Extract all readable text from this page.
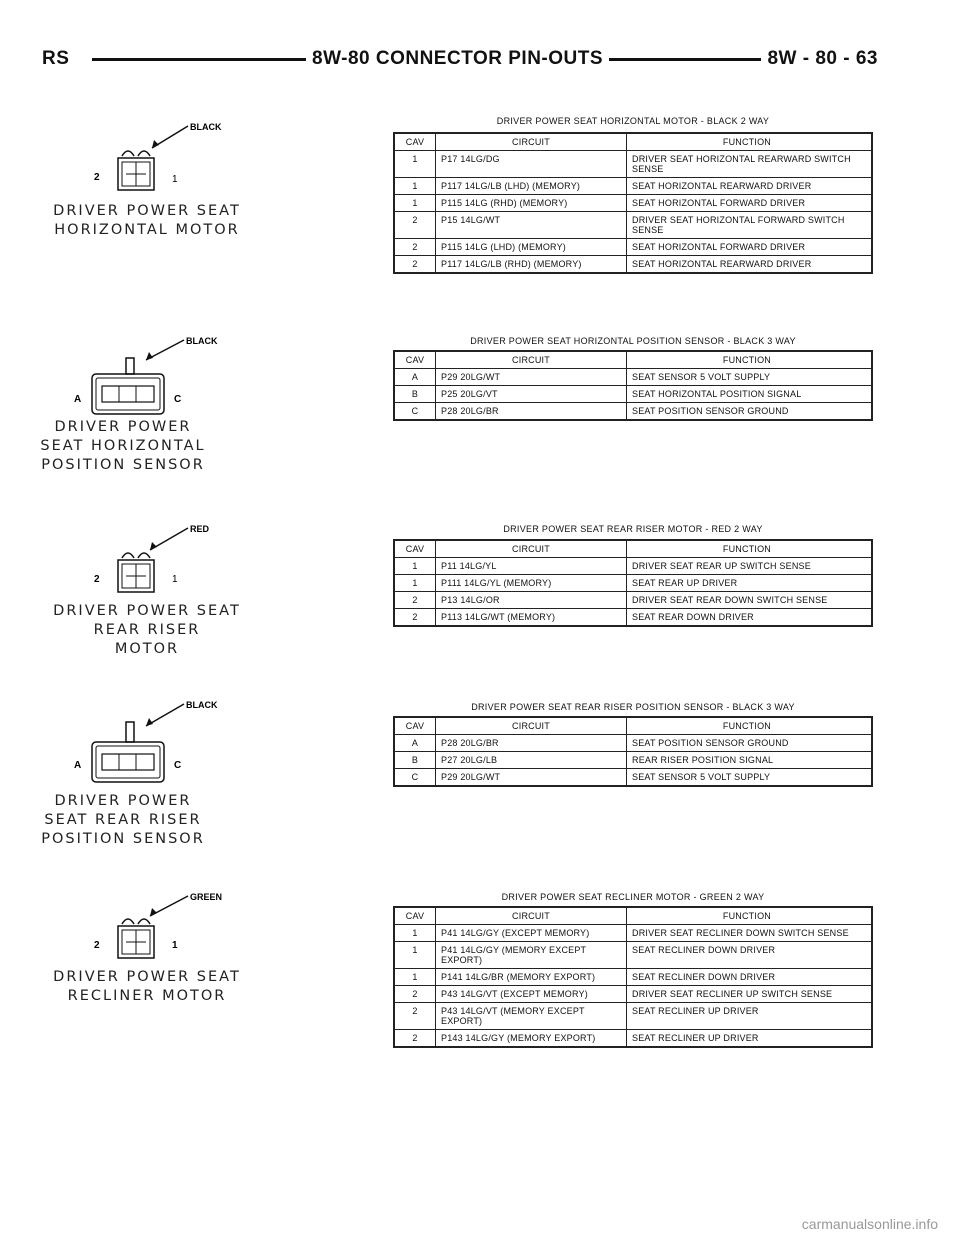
RS	8W-80 CONNECTOR PIN-OUTS	8W - 80 - 63
BLACK
2	1
DRIVER POWER SEAT
HORIZONTAL MOTOR
DRIVER POWER SEAT HORIZONTAL MOTOR - BLACK 2 WAY
CAV	CIRCUIT	FUNCTION
1	P17 14LG/DG	DRIVER SEAT HORIZONTAL REARWARD SWITCH SENSE
1	P117 14LG/LB (LHD) (MEMORY)	SEAT HORIZONTAL REARWARD DRIVER
1	P115 14LG (RHD) (MEMORY)	SEAT HORIZONTAL FORWARD DRIVER
2	P15 14LG/WT	DRIVER SEAT HORIZONTAL FORWARD SWITCH SENSE
2	P115 14LG (LHD) (MEMORY)	SEAT HORIZONTAL FORWARD DRIVER
2	P117 14LG/LB (RHD) (MEMORY)	SEAT HORIZONTAL REARWARD DRIVER
BLACK
A	C
DRIVER POWER
SEAT HORIZONTAL
POSITION SENSOR
DRIVER POWER SEAT HORIZONTAL POSITION SENSOR - BLACK 3 WAY
CAV	CIRCUIT	FUNCTION
A	P29 20LG/WT	SEAT SENSOR 5 VOLT SUPPLY
B	P25 20LG/VT	SEAT HORIZONTAL POSITION SIGNAL
C	P28 20LG/BR	SEAT POSITION SENSOR GROUND
RED
2	1
DRIVER POWER SEAT
REAR RISER
MOTOR
DRIVER POWER SEAT REAR RISER MOTOR - RED 2 WAY
CAV	CIRCUIT	FUNCTION
1	P11 14LG/YL	DRIVER SEAT REAR UP SWITCH SENSE
1	P111 14LG/YL (MEMORY)	SEAT REAR UP DRIVER
2	P13 14LG/OR	DRIVER SEAT REAR DOWN SWITCH SENSE
2	P113 14LG/WT (MEMORY)	SEAT REAR DOWN DRIVER
BLACK
A	C
DRIVER POWER
SEAT REAR RISER
POSITION SENSOR
DRIVER POWER SEAT REAR RISER POSITION SENSOR - BLACK 3 WAY
CAV	CIRCUIT	FUNCTION
A	P28 20LG/BR	SEAT POSITION SENSOR GROUND
B	P27 20LG/LB	REAR RISER POSITION SIGNAL
C	P29 20LG/WT	SEAT SENSOR 5 VOLT SUPPLY
GREEN
2	1
DRIVER POWER SEAT
RECLINER MOTOR
DRIVER POWER SEAT RECLINER MOTOR - GREEN 2 WAY
CAV	CIRCUIT	FUNCTION
1	P41 14LG/GY (EXCEPT MEMORY)	DRIVER SEAT RECLINER DOWN SWITCH SENSE
1	P41 14LG/GY (MEMORY EXCEPT EXPORT)	SEAT RECLINER DOWN DRIVER
1	P141 14LG/BR (MEMORY EXPORT)	SEAT RECLINER DOWN DRIVER
2	P43 14LG/VT (EXCEPT MEMORY)	DRIVER SEAT RECLINER UP SWITCH SENSE
2	P43 14LG/VT (MEMORY EXCEPT EXPORT)	SEAT RECLINER UP DRIVER
2	P143 14LG/GY (MEMORY EXPORT)	SEAT RECLINER UP DRIVER
carmanualsonline.info
